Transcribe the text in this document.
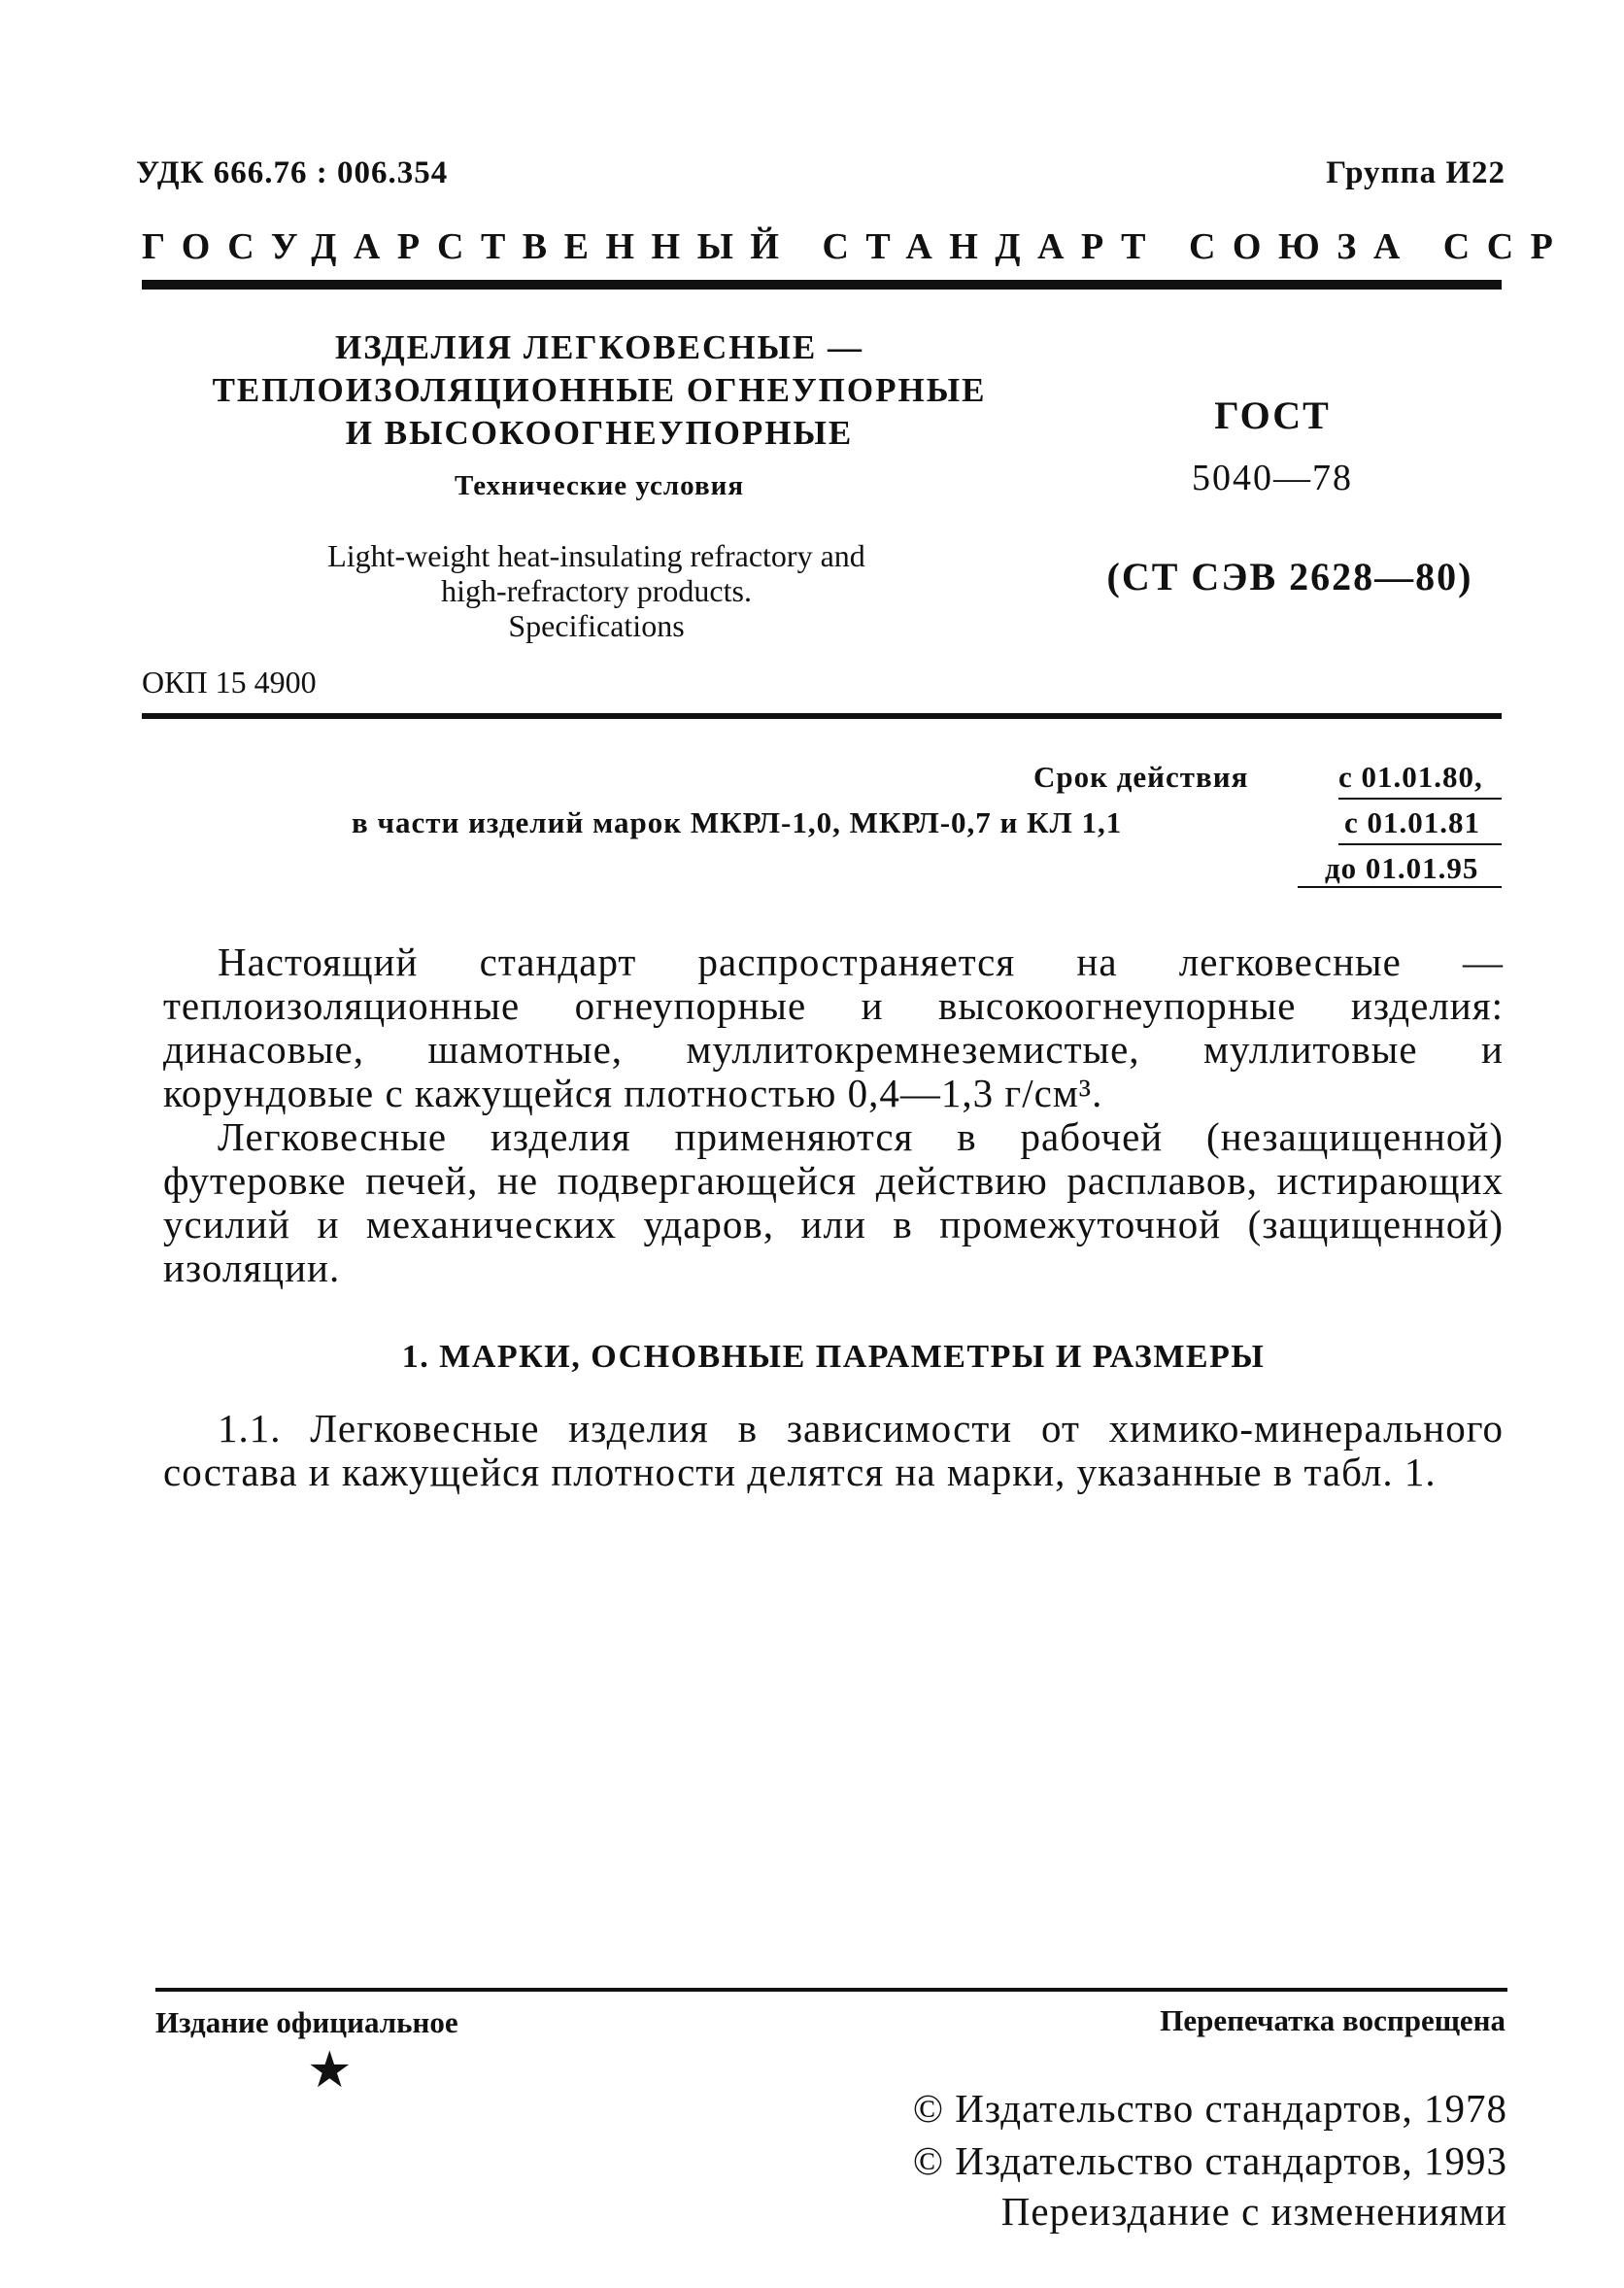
УДК 666.76 : 006.354	Группа И22
ГОСУДАРСТВЕННЫЙ СТАНДАРТ СОЮЗА ССР
ИЗДЕЛИЯ ЛЕГКОВЕСНЫЕ —
ТЕПЛОИЗОЛЯЦИОННЫЕ ОГНЕУПОРНЫЕ
И ВЫСОКООГНЕУПОРНЫЕ
Технические условия
Light-weight heat-insulating refractory and
high-refractory products.
Specifications
ГОСТ
5040—78
(СТ СЭВ 2628—80)
ОКП 15 4900
Срок действия
в части изделий марок МКРЛ-1,0, МКРЛ-0,7 и КЛ 1,1
с 01.01.80,
с 01.01.81
до 01.01.95
Настоящий стандарт распространяется на легковесные — теплоизоляционные огнеупорные и высокоогнеупорные изделия: динасовые, шамотные, муллитокремнеземистые, муллитовые и корундовые с кажущейся плотностью 0,4—1,3 г/см³.
Легковесные изделия применяются в рабочей (незащищенной) футеровке печей, не подвергающейся действию расплавов, истирающих усилий и механических ударов, или в промежуточной (защищенной) изоляции.
1. МАРКИ, ОСНОВНЫЕ ПАРАМЕТРЫ И РАЗМЕРЫ
1.1. Легковесные изделия в зависимости от химико-минерального состава и кажущейся плотности делятся на марки, указанные в табл. 1.
Издание официальное
★
Перепечатка воспрещена
© Издательство стандартов, 1978
© Издательство стандартов, 1993
Переиздание с изменениями
